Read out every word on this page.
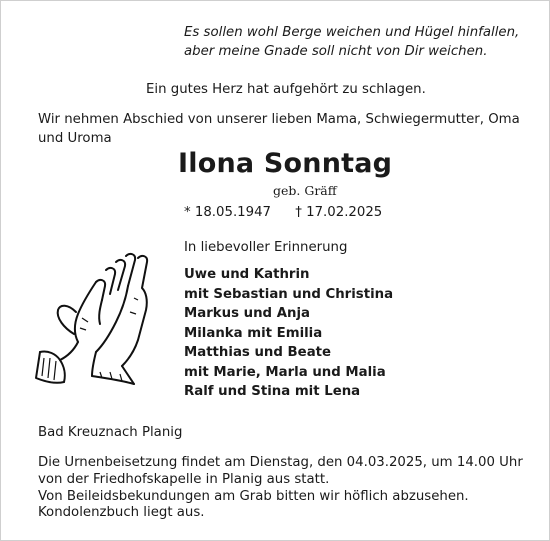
Es sollen wohl Berge weichen und Hügel hinfallen,
aber meine Gnade soll nicht von Dir weichen.
Ein gutes Herz hat aufgehört zu schlagen.
Wir nehmen Abschied von unserer lieben Mama, Schwiegermutter, Oma und Uroma
Ilona Sonntag
geb. Gräff
* 18.05.1947 † 17.02.2025
In liebevoller Erinnerung
Uwe und Kathrin
mit Sebastian und Christina
Markus und Anja
Milanka mit Emilia
Matthias und Beate
mit Marie, Marla und Malia
Ralf und Stina mit Lena
Bad Kreuznach Planig
Die Urnenbeisetzung findet am Dienstag, den 04.03.2025, um 14.00 Uhr
von der Friedhofskapelle in Planig aus statt.
Von Beileidsbekundungen am Grab bitten wir höflich abzusehen.
Kondolenzbuch liegt aus.
